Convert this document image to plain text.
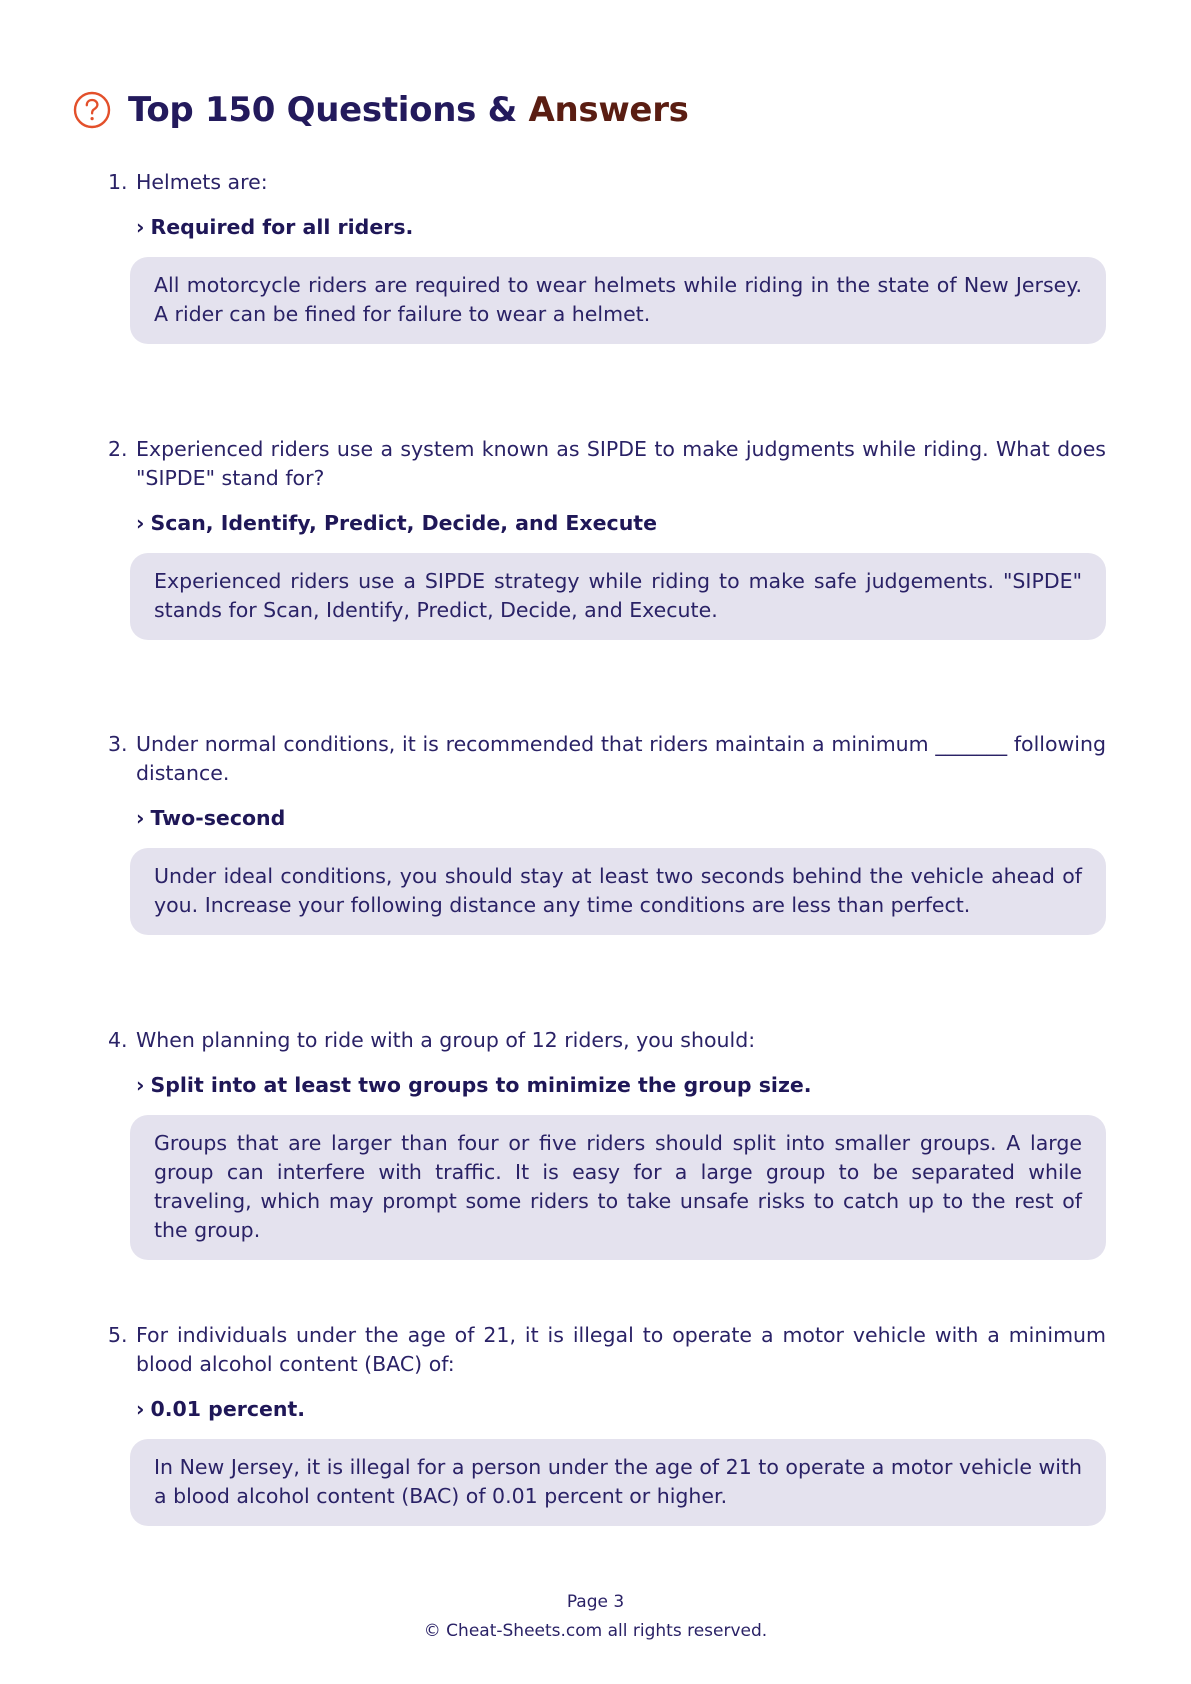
Top 150 Questions & Answers
1. Helmets are:
› Required for all riders.
All motorcycle riders are required to wear helmets while riding in the state of New Jersey. A rider can be fined for failure to wear a helmet.
2. Experienced riders use a system known as SIPDE to make judgments while riding. What does "SIPDE" stand for?
› Scan, Identify, Predict, Decide, and Execute
Experienced riders use a SIPDE strategy while riding to make safe judgements. "SIPDE" stands for Scan, Identify, Predict, Decide, and Execute.
3. Under normal conditions, it is recommended that riders maintain a minimum _______ following distance.
› Two-second
Under ideal conditions, you should stay at least two seconds behind the vehicle ahead of you. Increase your following distance any time conditions are less than perfect.
4. When planning to ride with a group of 12 riders, you should:
› Split into at least two groups to minimize the group size.
Groups that are larger than four or five riders should split into smaller groups. A large group can interfere with traffic. It is easy for a large group to be separated while traveling, which may prompt some riders to take unsafe risks to catch up to the rest of the group.
5. For individuals under the age of 21, it is illegal to operate a motor vehicle with a minimum blood alcohol content (BAC) of:
› 0.01 percent.
In New Jersey, it is illegal for a person under the age of 21 to operate a motor vehicle with a blood alcohol content (BAC) of 0.01 percent or higher.
Page 3
© Cheat-Sheets.com all rights reserved.
